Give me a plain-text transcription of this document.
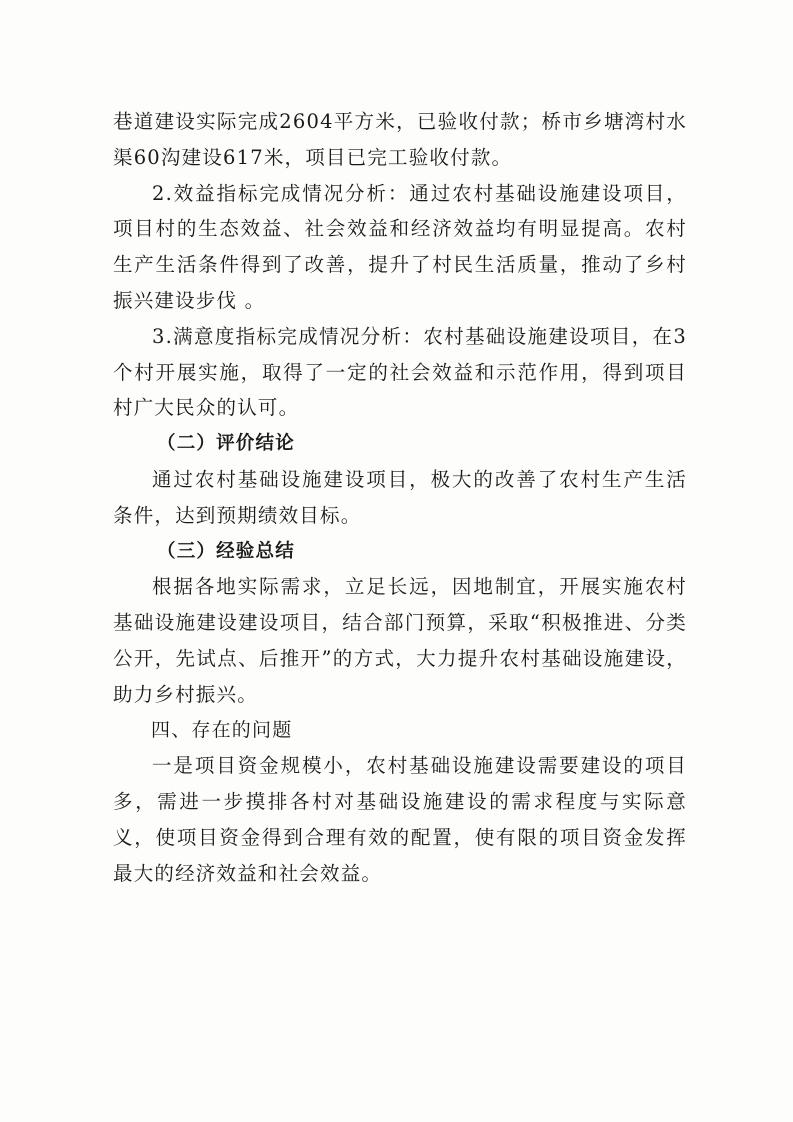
巷道建设实际完成2604平方米，已验收付款；桥市乡塘湾村水渠60沟建设617米，项目已完工验收付款。

2.效益指标完成情况分析：通过农村基础设施建设项目，项目村的生态效益、社会效益和经济效益均有明显提高。农村生产生活条件得到了改善，提升了村民生活质量，推动了乡村振兴建设步伐 。

3.满意度指标完成情况分析：农村基础设施建设项目，在3个村开展实施，取得了一定的社会效益和示范作用，得到项目村广大民众的认可。

（二）评价结论

通过农村基础设施建设项目，极大的改善了农村生产生活条件，达到预期绩效目标。

（三）经验总结

根据各地实际需求，立足长远，因地制宜，开展实施农村基础设施建设建设项目，结合部门预算，采取“积极推进、分类公开，先试点、后推开”的方式，大力提升农村基础设施建设，助力乡村振兴。

四、存在的问题

一是项目资金规模小，农村基础设施建设需要建设的项目多，需进一步摸排各村对基础设施建设的需求程度与实际意义，使项目资金得到合理有效的配置，使有限的项目资金发挥最大的经济效益和社会效益。
